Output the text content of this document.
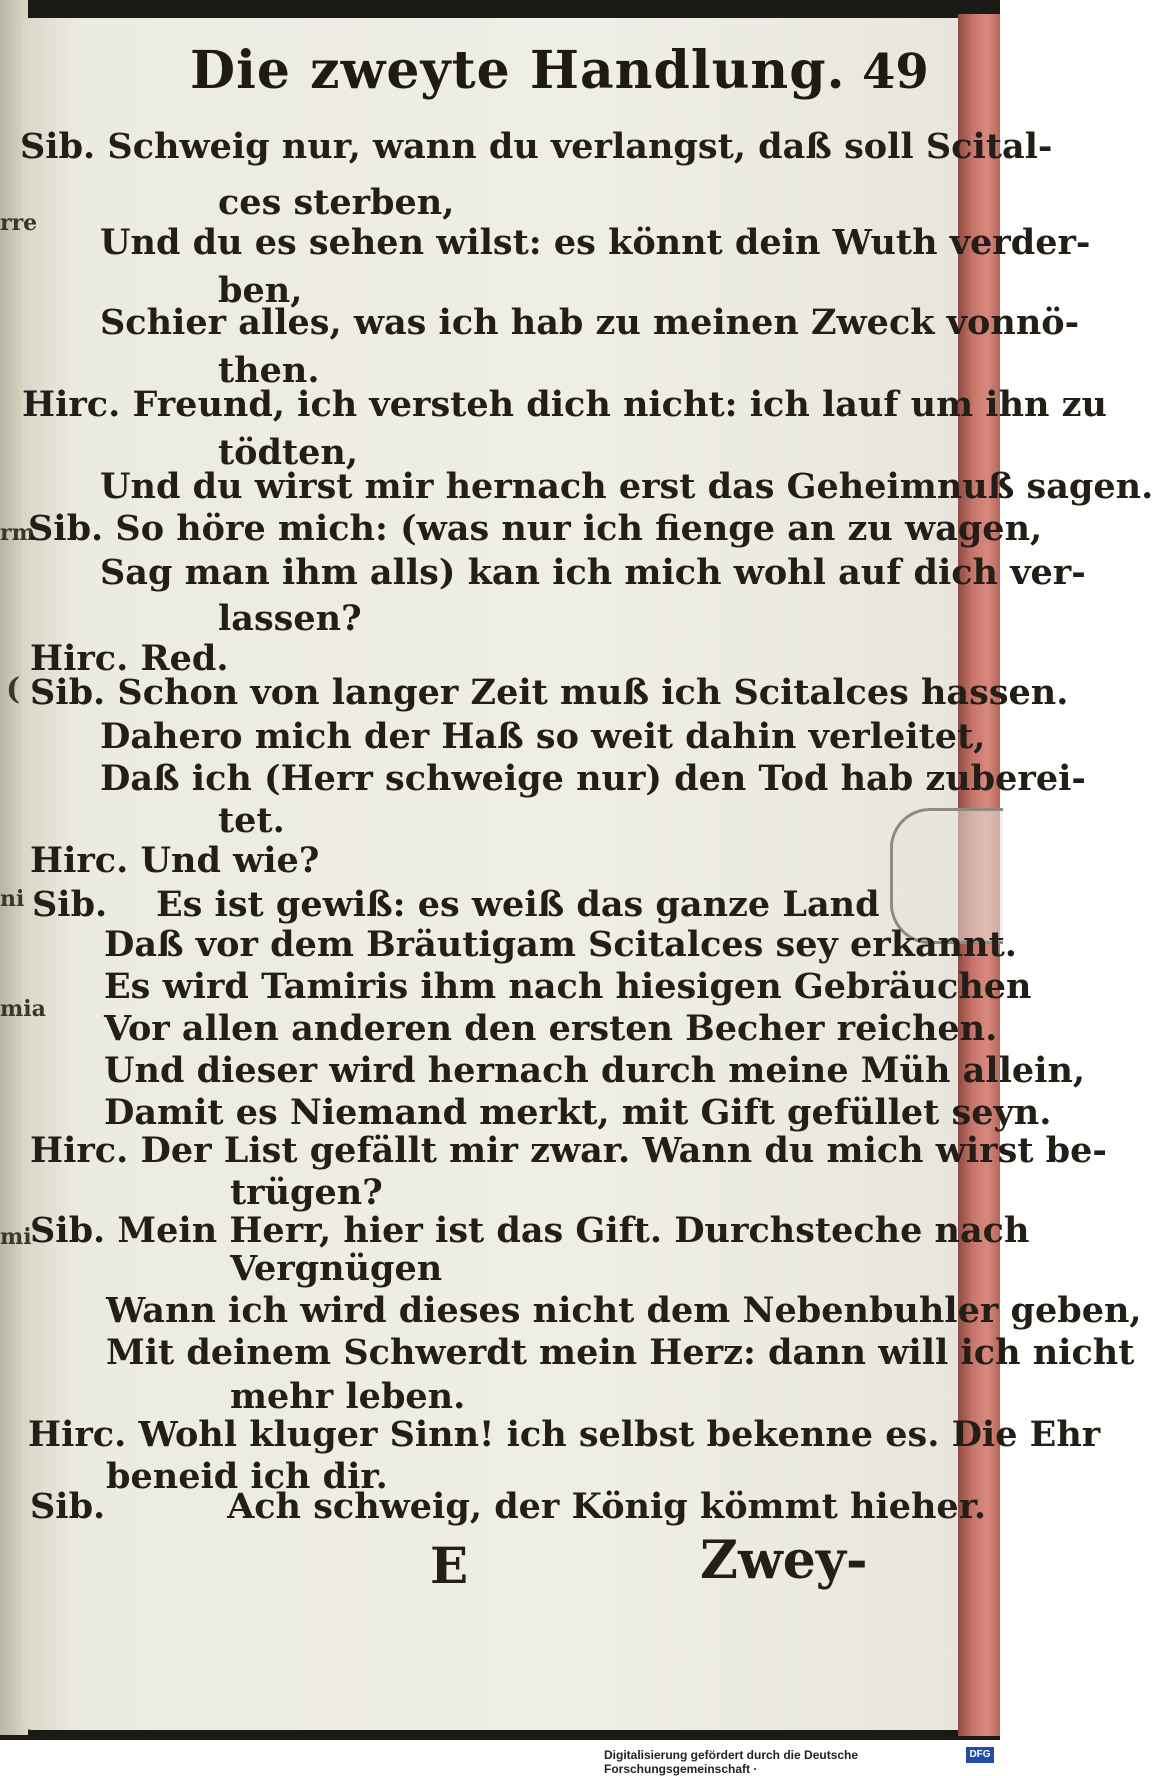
rre
rm
(
ni
mia
mi
Die zweyte Handlung. 49
Sib. Schweig nur, wann du verlangst, daß soll Scital-
ces sterben,
Und du es sehen wilst: es könnt dein Wuth verder-
ben,
Schier alles, was ich hab zu meinen Zweck vonnö-
then.
Hirc. Freund, ich versteh dich nicht: ich lauf um ihn zu
tödten,
Und du wirst mir hernach erst das Geheimnuß sagen.
Sib. So höre mich: (was nur ich fienge an zu wagen,
Sag man ihm alls) kan ich mich wohl auf dich ver-
lassen?
Hirc. Red.
Sib. Schon von langer Zeit muß ich Scitalces hassen.
Dahero mich der Haß so weit dahin verleitet,
Daß ich (Herr schweige nur) den Tod hab zuberei-
tet.
Hirc. Und wie?
Sib. Es ist gewiß: es weiß das ganze Land
Daß vor dem Bräutigam Scitalces sey erkannt.
Es wird Tamiris ihm nach hiesigen Gebräuchen
Vor allen anderen den ersten Becher reichen.
Und dieser wird hernach durch meine Müh allein,
Damit es Niemand merkt, mit Gift gefüllet seyn.
Hirc. Der List gefällt mir zwar. Wann du mich wirst be-
trügen?
Sib. Mein Herr, hier ist das Gift. Durchsteche nach
Vergnügen
Wann ich wird dieses nicht dem Nebenbuhler geben,
Mit deinem Schwerdt mein Herz: dann will ich nicht
mehr leben.
Hirc. Wohl kluger Sinn! ich selbst bekenne es. Die Ehr
beneid ich dir.
Sib.	Ach schweig, der König kömmt hieher.
E	Zwey-
Digitalisierung gefördert durch die Deutsche Forschungsgemeinschaft ·
DFG
